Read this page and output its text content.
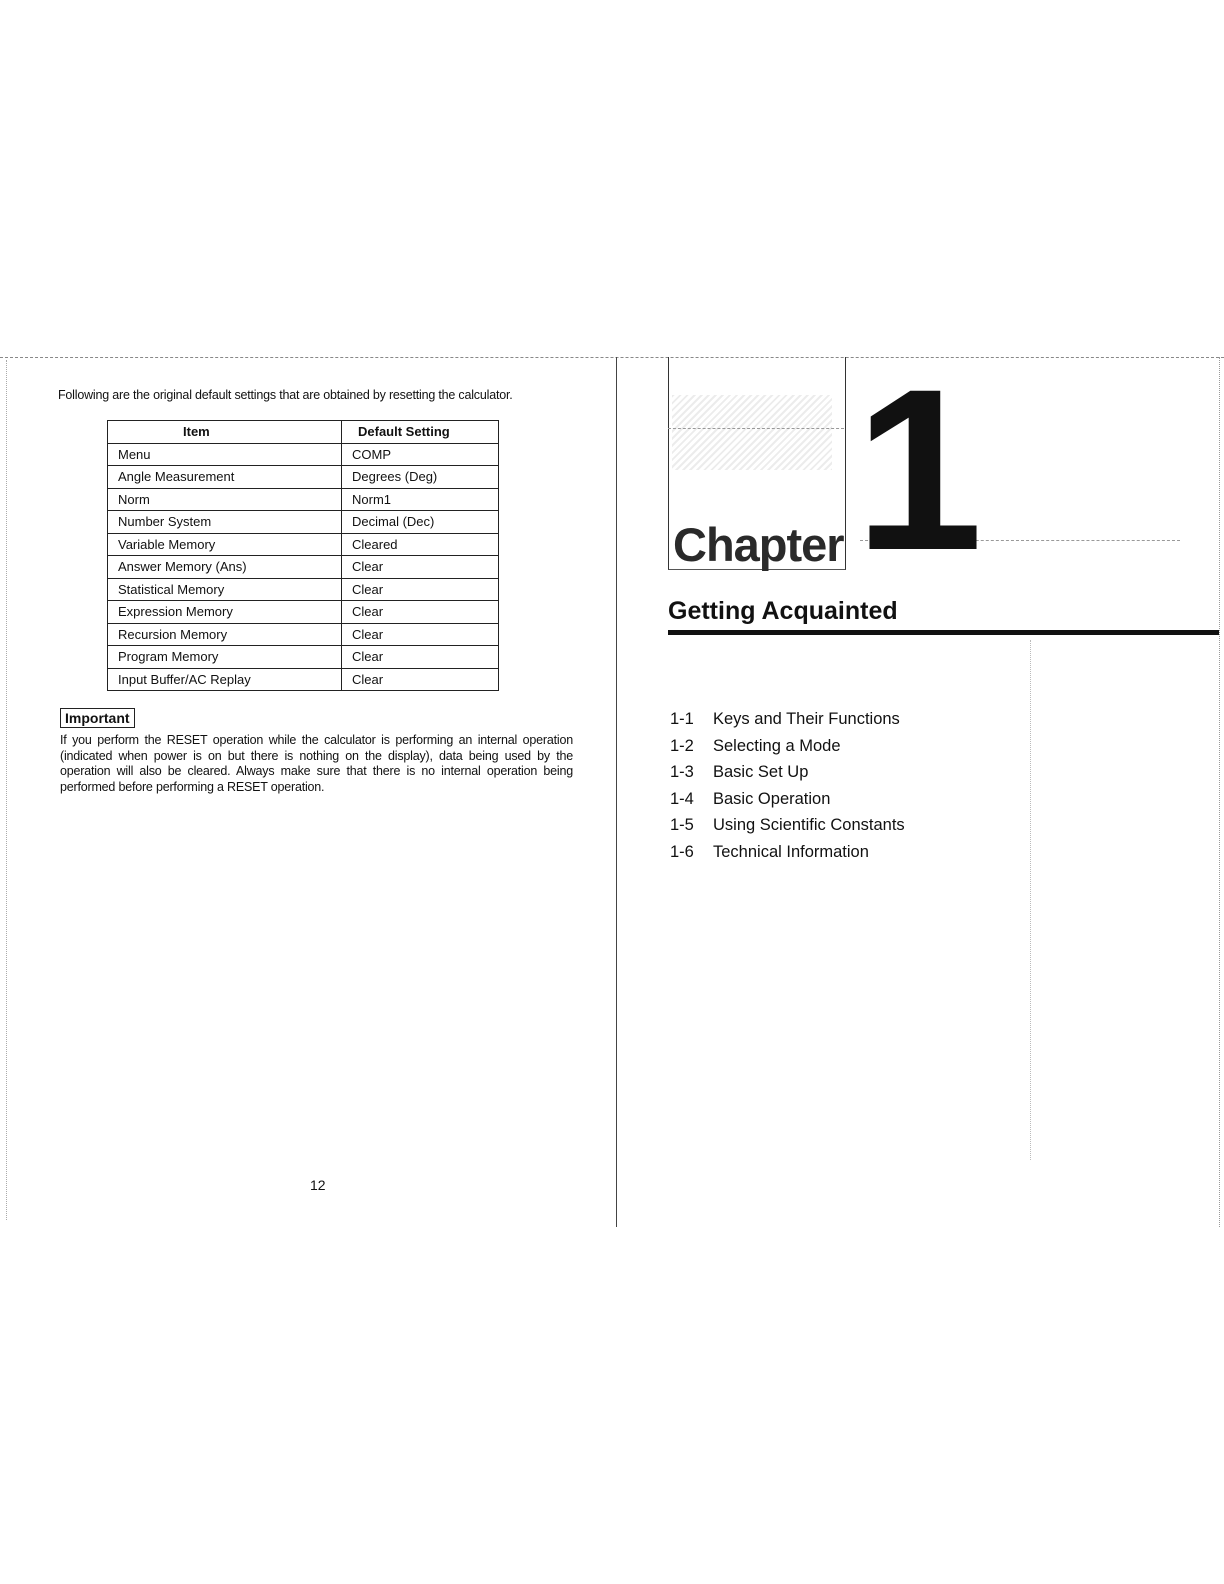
Following are the original default settings that are obtained by resetting the calculator.

Item	Default Setting
Menu	COMP
Angle Measurement	Degrees (Deg)
Norm	Norm1
Number System	Decimal (Dec)
Variable Memory	Cleared
Answer Memory (Ans)	Clear
Statistical Memory	Clear
Expression Memory	Clear
Recursion Memory	Clear
Program Memory	Clear
Input Buffer/AC Replay	Clear
Important

If you perform the RESET operation while the calculator is performing an internal operation (indicated when power is on but there is nothing on the display), data being used by the operation will also be cleared. Always make sure that there is no internal operation being performed before performing a RESET operation.

12
Chapter 1
Getting Acquainted
1-1	Keys and Their Functions
1-2	Selecting a Mode
1-3	Basic Set Up
1-4	Basic Operation
1-5	Using Scientific Constants
1-6	Technical Information
